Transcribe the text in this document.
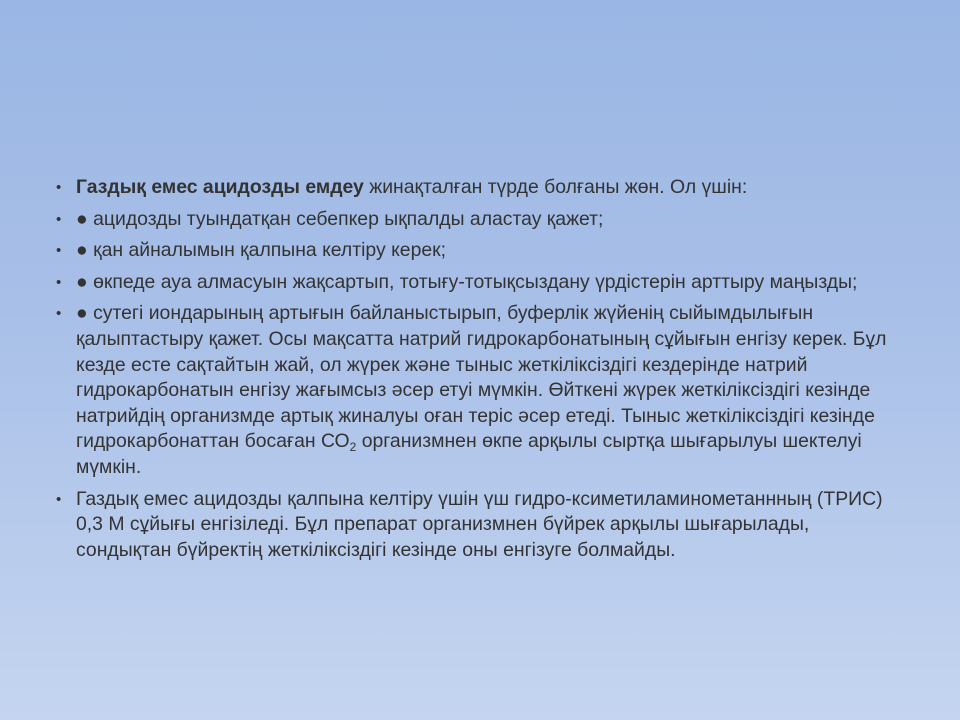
• Газдық емес ацидозды емдеу жинақталған түрде болғаны жөн. Ол үшін:
• ● ацидозды туындатқан себепкер ықпалды аластау қажет;
• ● қан айналымын қалпына келтіру керек;
• ● өкпеде ауа алмасуын жақсартып, тотығу-тотықсыздану үрдістерін арттыру маңызды;
• ● сутегі иондарының артығын байланыстырып, буферлік жүйенің сыйымдылығын қалыптастыру қажет. Осы мақсатта натрий гидрокарбонатының сұйығын енгізу керек. Бұл кезде есте сақтайтын жай, ол жүрек және тыныс жеткіліксіздігі кездерінде натрий гидрокарбонатын енгізу жағымсыз әсер етуі мүмкін. Өйткені жүрек жеткіліксіздігі кезінде натрийдің организмде артық жиналуы оған теріс әсер етеді. Тыныс жеткіліксіздігі кезінде гидрокарбонаттан босаған $СО_2$ организмнен өкпе арқылы сыртқа шығарылуы шектелуі мүмкін.
• Газдық емес ацидозды қалпына келтіру үшін үш гидро-ксиметиламинометаннның (ТРИС) 0,3 М сұйығы енгізіледі. Бұл препарат организмнен бүйрек арқылы шығарылады, сондықтан бүйректің жеткіліксіздігі кезінде оны енгізуге болмайды.
